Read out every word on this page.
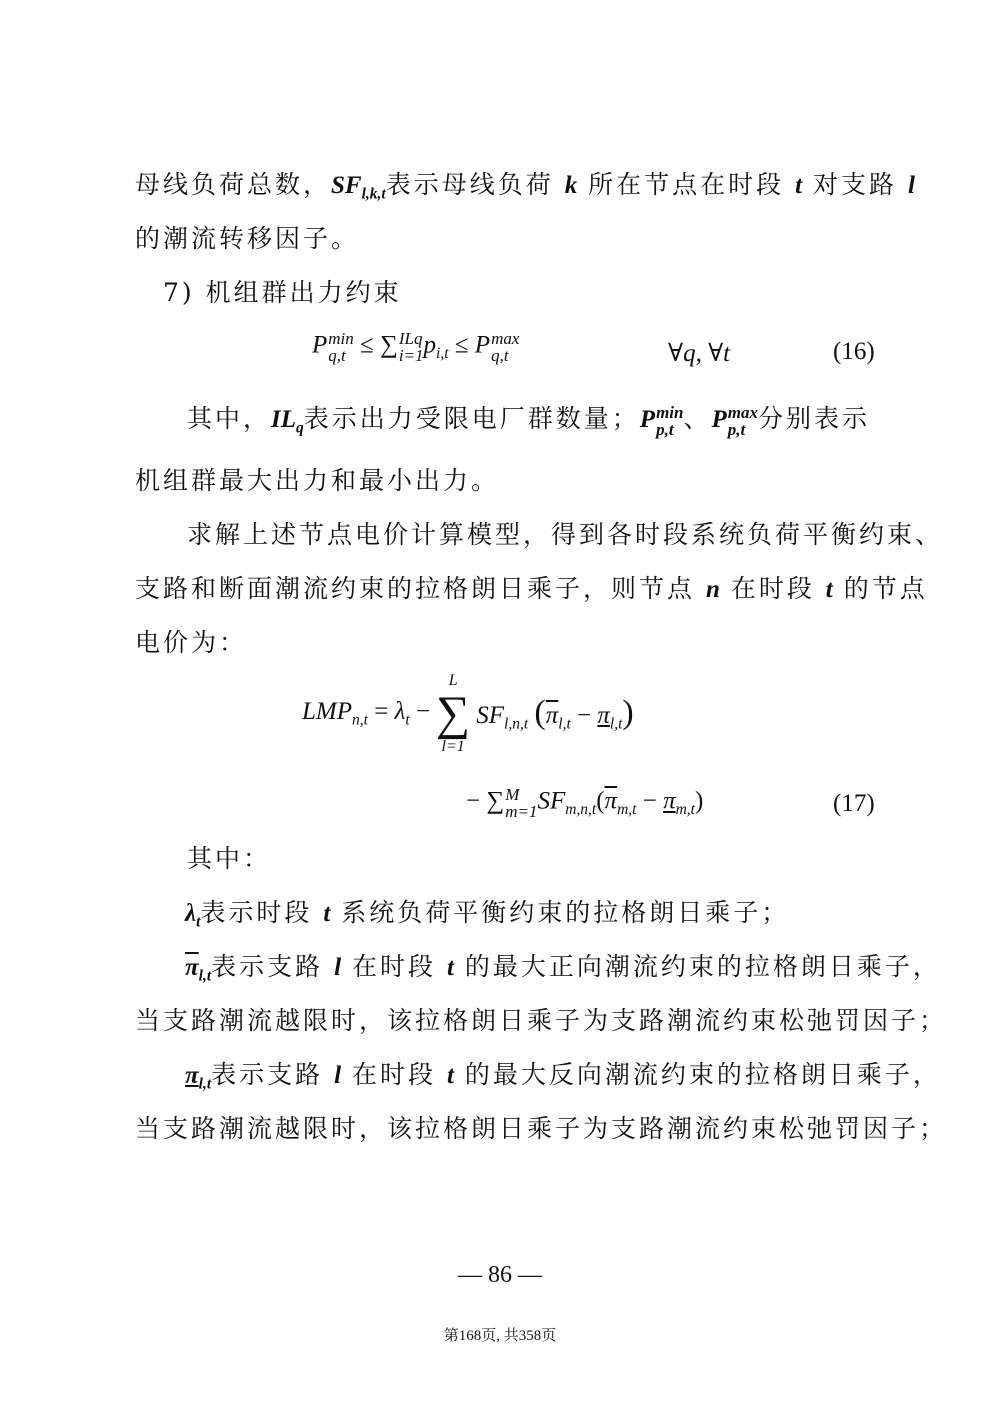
母线负荷总数，$SF_{l,k,t}$表示母线负荷 k 所在节点在时段 t 对支路 l
的潮流转移因子。
7) 机组群出力约束
P min
q,t ≤ ∑ ILq
i=1 $p_{i,t} \le P$ max
q,t	∀q, ∀t	(16)
其中，$IL_q$表示出力受限电厂群数量；P min
p,t 、P max
p,t 分别表示
机组群最大出力和最小出力。
求解上述节点电价计算模型，得到各时段系统负荷平衡约束、
支路和断面潮流约束的拉格朗日乘子，则节点 n 在时段 t 的节点
电价为：
$LMP_{n,t} = \lambda_t$ −
L
∑
l=1
$SF_{l,n,t}$ $(\overline{\pi}_{l,t} - \pi_{l,t})$
− ∑ M
m=1 $SF_{m,n,t}(\overline{\pi}_{m,t} - \pi_{m,t})$	(17)
其中：
$\lambda_t$表示时段 t 系统负荷平衡约束的拉格朗日乘子；
$\overline{\pi}_{l,t}$表示支路 l 在时段 t 的最大正向潮流约束的拉格朗日乘子，
当支路潮流越限时，该拉格朗日乘子为支路潮流约束松弛罚因子；
$\pi_{l,t}$表示支路 l 在时段 t 的最大反向潮流约束的拉格朗日乘子，
当支路潮流越限时，该拉格朗日乘子为支路潮流约束松弛罚因子；
— 86 —
第168页, 共358页
